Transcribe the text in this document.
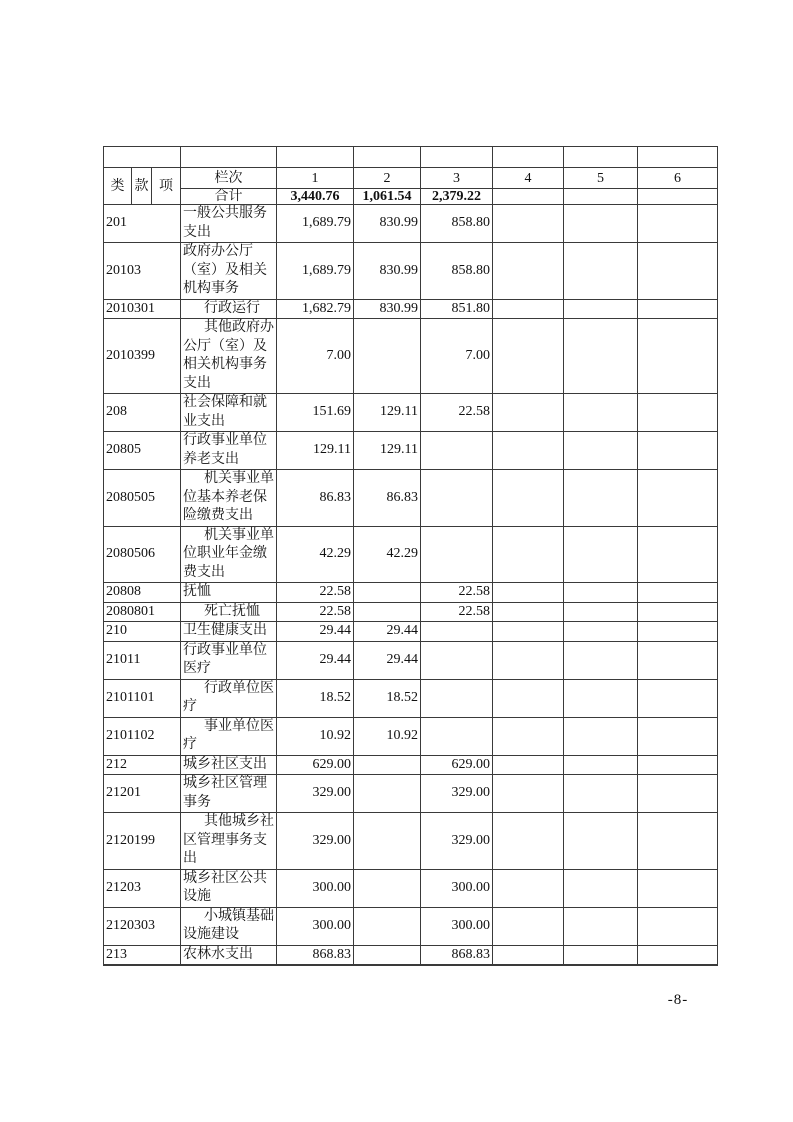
类	款	项	栏次	1	2	3	4	5	6
			合计	3,440.76	1,061.54	2,379.22			
201			一般公共服务支出	1,689.79	830.99	858.80			
20103			政府办公厅（室）及相关机构事务	1,689.79	830.99	858.80			
2010301			行政运行	1,682.79	830.99	851.80			
2010399			其他政府办公厅（室）及相关机构事务支出	7.00		7.00			
208			社会保障和就业支出	151.69	129.11	22.58			
20805			行政事业单位养老支出	129.11	129.11				
2080505			机关事业单位基本养老保险缴费支出	86.83	86.83				
2080506			机关事业单位职业年金缴费支出	42.29	42.29				
20808			抚恤	22.58		22.58			
2080801			死亡抚恤	22.58		22.58			
210			卫生健康支出	29.44	29.44				
21011			行政事业单位医疗	29.44	29.44				
2101101			行政单位医疗	18.52	18.52				
2101102			事业单位医疗	10.92	10.92				
212			城乡社区支出	629.00		629.00			
21201			城乡社区管理事务	329.00		329.00			
2120199			其他城乡社区管理事务支出	329.00		329.00			
21203			城乡社区公共设施	300.00		300.00			
2120303			小城镇基础设施建设	300.00		300.00			
213			农林水支出	868.83		868.83			
-8-
